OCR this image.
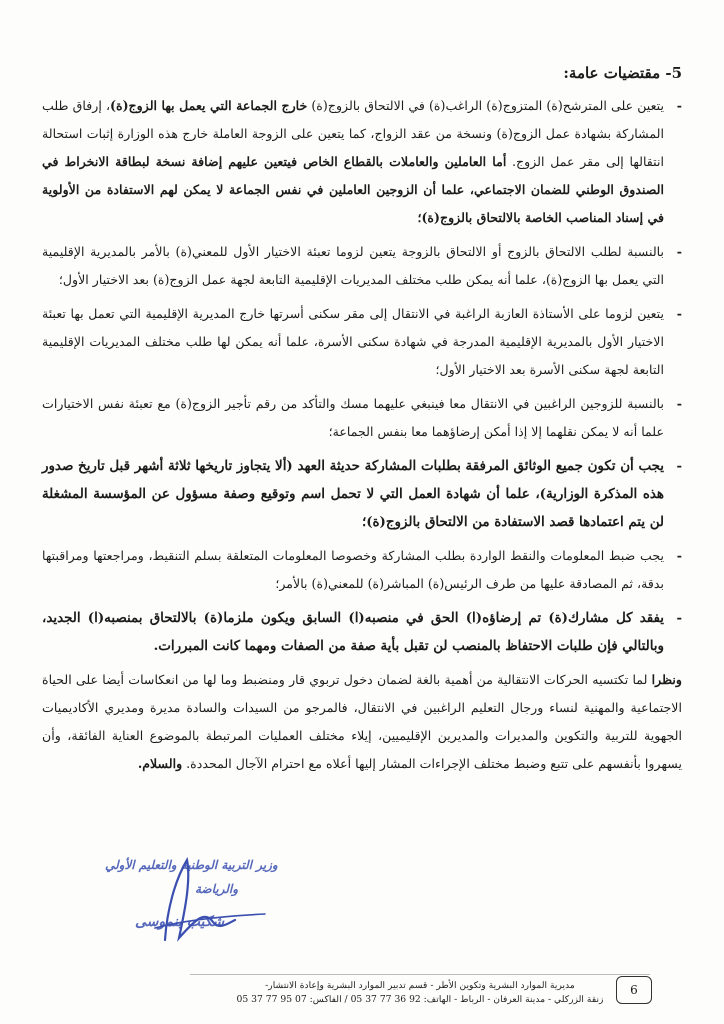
5- مقتضيات عامة:
- يتعين على المترشح(ة) المتزوج(ة) الراغب(ة) في الالتحاق بالزوج(ة) خارج الجماعة التي يعمل بها الزوج(ة)، إرفاق طلب المشاركة بشهادة عمل الزوج(ة) ونسخة من عقد الزواج، كما يتعين على الزوجة العاملة خارج هذه الوزارة إثبات استحالة انتقالها إلى مقر عمل الزوج. أما العاملين والعاملات بالقطاع الخاص فيتعين عليهم إضافة نسخة لبطاقة الانخراط في الصندوق الوطني للضمان الاجتماعي، علما أن الزوجين العاملين في نفس الجماعة لا يمكن لهم الاستفادة من الأولوية في إسناد المناصب الخاصة بالالتحاق بالزوج(ة)؛
- بالنسبة لطلب الالتحاق بالزوج أو الالتحاق بالزوجة يتعين لزوما تعبئة الاختيار الأول للمعني(ة) بالأمر بالمديرية الإقليمية التي يعمل بها الزوج(ة)، علما أنه يمكن طلب مختلف المديريات الإقليمية التابعة لجهة عمل الزوج(ة) بعد الاختيار الأول؛
- يتعين لزوما على الأستاذة العازبة الراغبة في الانتقال إلى مقر سكنى أسرتها خارج المديرية الإقليمية التي تعمل بها تعبئة الاختيار الأول بالمديرية الإقليمية المدرجة في شهادة سكنى الأسرة، علما أنه يمكن لها طلب مختلف المديريات الإقليمية التابعة لجهة سكنى الأسرة بعد الاختيار الأول؛
- بالنسبة للزوجين الراغبين في الانتقال معا فينبغي عليهما مسك والتأكد من رقم تأجير الزوج(ة) مع تعبئة نفس الاختيارات علما أنه لا يمكن نقلهما إلا إذا أمكن إرضاؤهما معا بنفس الجماعة؛
- يجب أن تكون جميع الوثائق المرفقة بطلبات المشاركة حديثة العهد (ألا يتجاوز تاريخها ثلاثة أشهر قبل تاريخ صدور هذه المذكرة الوزارية)، علما أن شهادة العمل التي لا تحمل اسم وتوقيع وصفة مسؤول عن المؤسسة المشغلة لن يتم اعتمادها قصد الاستفادة من الالتحاق بالزوج(ة)؛
- يجب ضبط المعلومات والنقط الواردة بطلب المشاركة وخصوصا المعلومات المتعلقة بسلم التنقيط، ومراجعتها ومراقبتها بدقة، ثم المصادقة عليها من طرف الرئيس(ة) المباشر(ة) للمعني(ة) بالأمر؛
- يفقد كل مشارك(ة) تم إرضاؤه(ا) الحق في منصبه(ا) السابق ويكون ملزما(ة) بالالتحاق بمنصبه(ا) الجديد، وبالتالي فإن طلبات الاحتفاظ بالمنصب لن تقبل بأية صفة من الصفات ومهما كانت المبررات.

ونظرا لما تكتسيه الحركات الانتقالية من أهمية بالغة لضمان دخول تربوي قار ومنضبط وما لها من انعكاسات أيضا على الحياة الاجتماعية والمهنية لنساء ورجال التعليم الراغبين في الانتقال، فالمرجو من السيدات والسادة مديرة ومديري الأكاديميات الجهوية للتربية والتكوين والمديرات والمديرين الإقليميين، إيلاء مختلف العمليات المرتبطة بالموضوع العناية الفائقة، وأن يسهروا بأنفسهم على تتبع وضبط مختلف الإجراءات المشار إليها أعلاه مع احترام الآجال المحددة. والسلام.

وزير التربية الوطنية والتعليم الأولي
والرياضة
شكيب بنموسى
مديرية الموارد البشرية وتكوين الأطر - قسم تدبير الموارد البشرية وإعادة الانتشار-
زنقة الزركلي - مدينة العرفان - الرباط - الهاتف: 92 36 77 37 05 / الفاكس: 07 95 77 37 05
6
